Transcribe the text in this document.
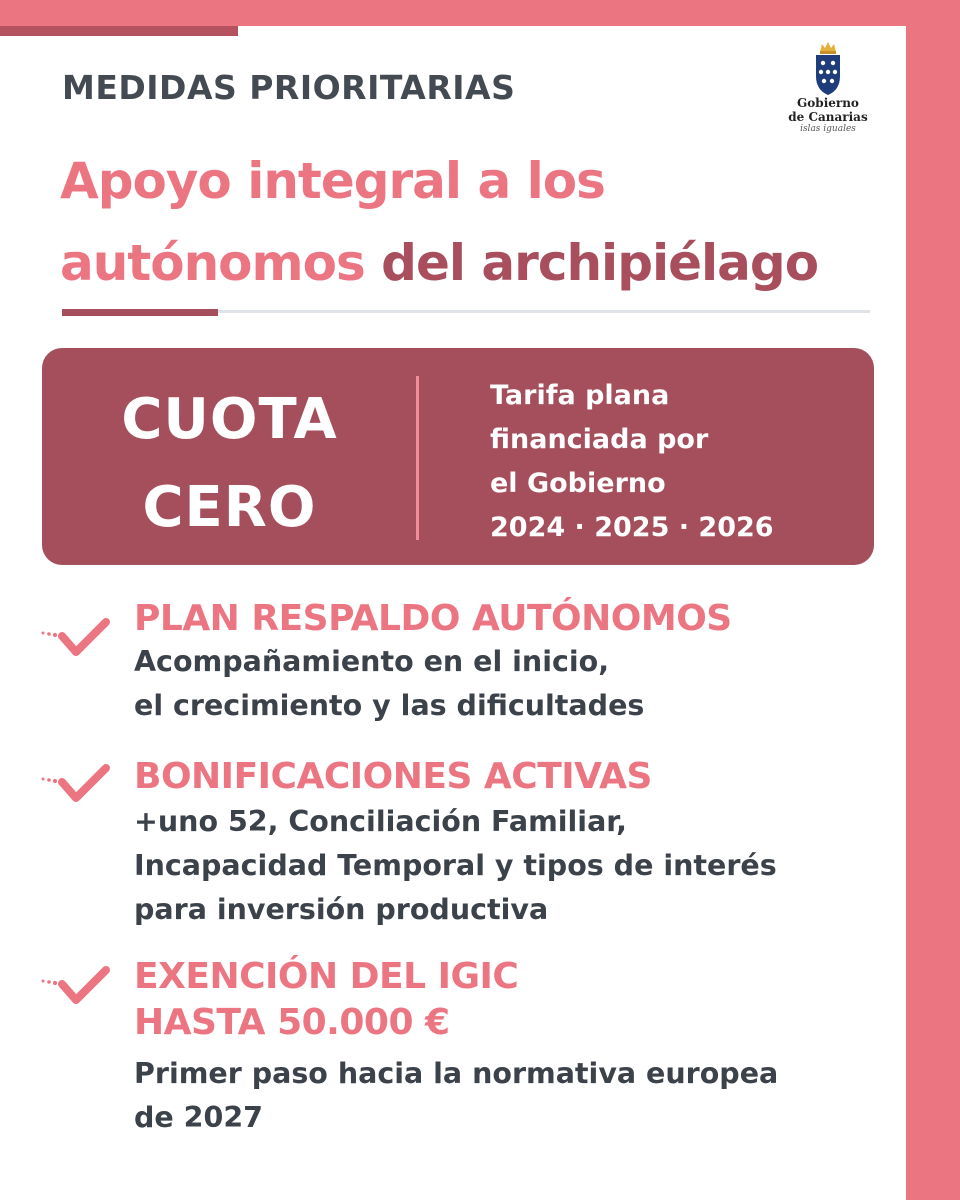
MEDIDAS PRIORITARIAS	Gobierno
de Canarias
islas iguales
Apoyo integral a los
autónomos del archipiélago
CUOTA
CERO
Tarifa plana
financiada por
el Gobierno
2024 · 2025 · 2026
PLAN RESPALDO AUTÓNOMOS
Acompañamiento en el inicio,
el crecimiento y las dificultades
BONIFICACIONES ACTIVAS
+uno 52, Conciliación Familiar,
Incapacidad Temporal y tipos de interés
para inversión productiva
EXENCIÓN DEL IGIC
HASTA 50.000 €
Primer paso hacia la normativa europea
de 2027
